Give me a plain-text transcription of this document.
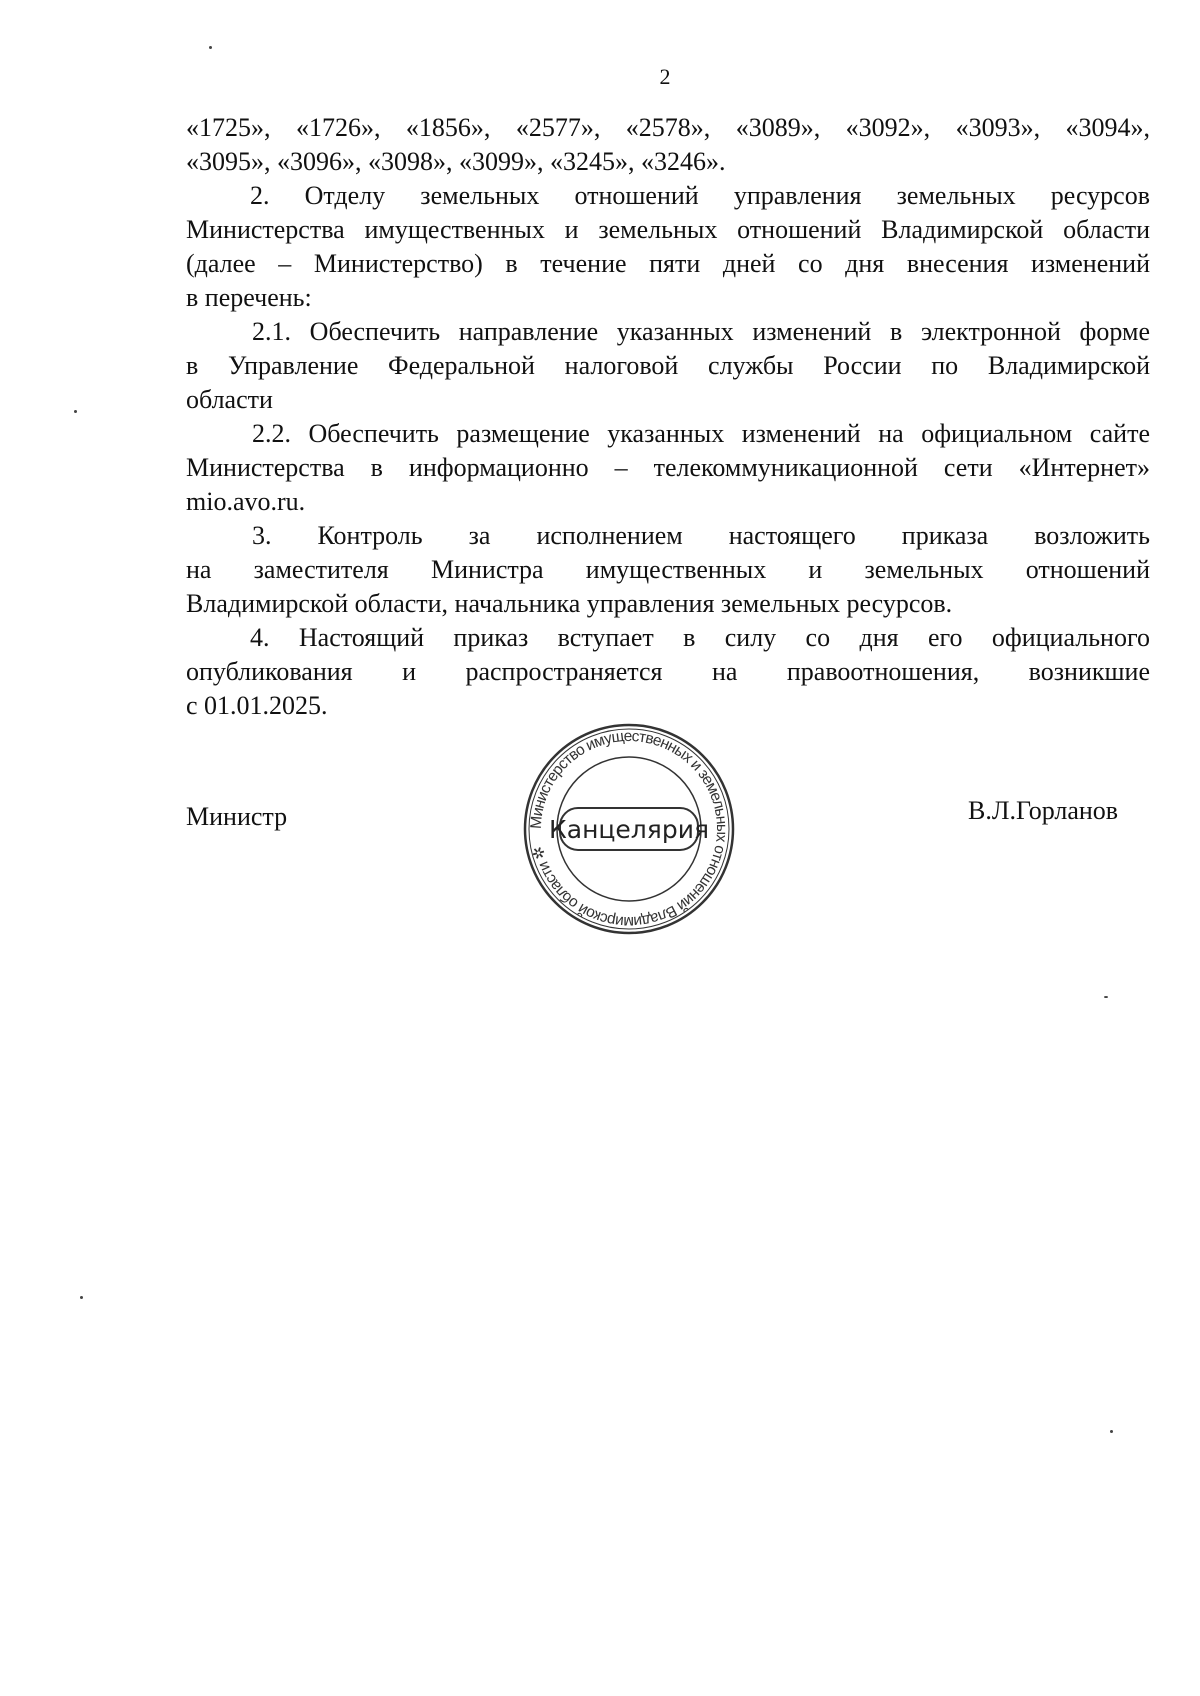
2

«1725», «1726», «1856», «2577», «2578», «3089», «3092», «3093», «3094»,

«3095», «3096», «3098», «3099», «3245», «3246».

2. Отделу земельных отношений управления земельных ресурсов

Министерства имущественных и земельных отношений Владимирской области

(далее – Министерство) в течение пяти дней со дня внесения изменений

в перечень:

2.1. Обеспечить направление указанных изменений в электронной форме

в Управление Федеральной налоговой службы России по Владимирской

области

2.2. Обеспечить размещение указанных изменений на официальном сайте

Министерства в информационно – телекоммуникационной сети «Интернет»

mio.avo.ru.

3. Контроль за исполнением настоящего приказа возложить

на заместителя Министра имущественных и земельных отношений

Владимирской области, начальника управления земельных ресурсов.

4. Настоящий приказ вступает в силу со дня его официального

опубликования и распространяется на правоотношения, возникшие

с 01.01.2025.

Министр	В.Л.Горланов
Министерство имущественных и земельных отношений Владимирской области ✲
Канцелярия
